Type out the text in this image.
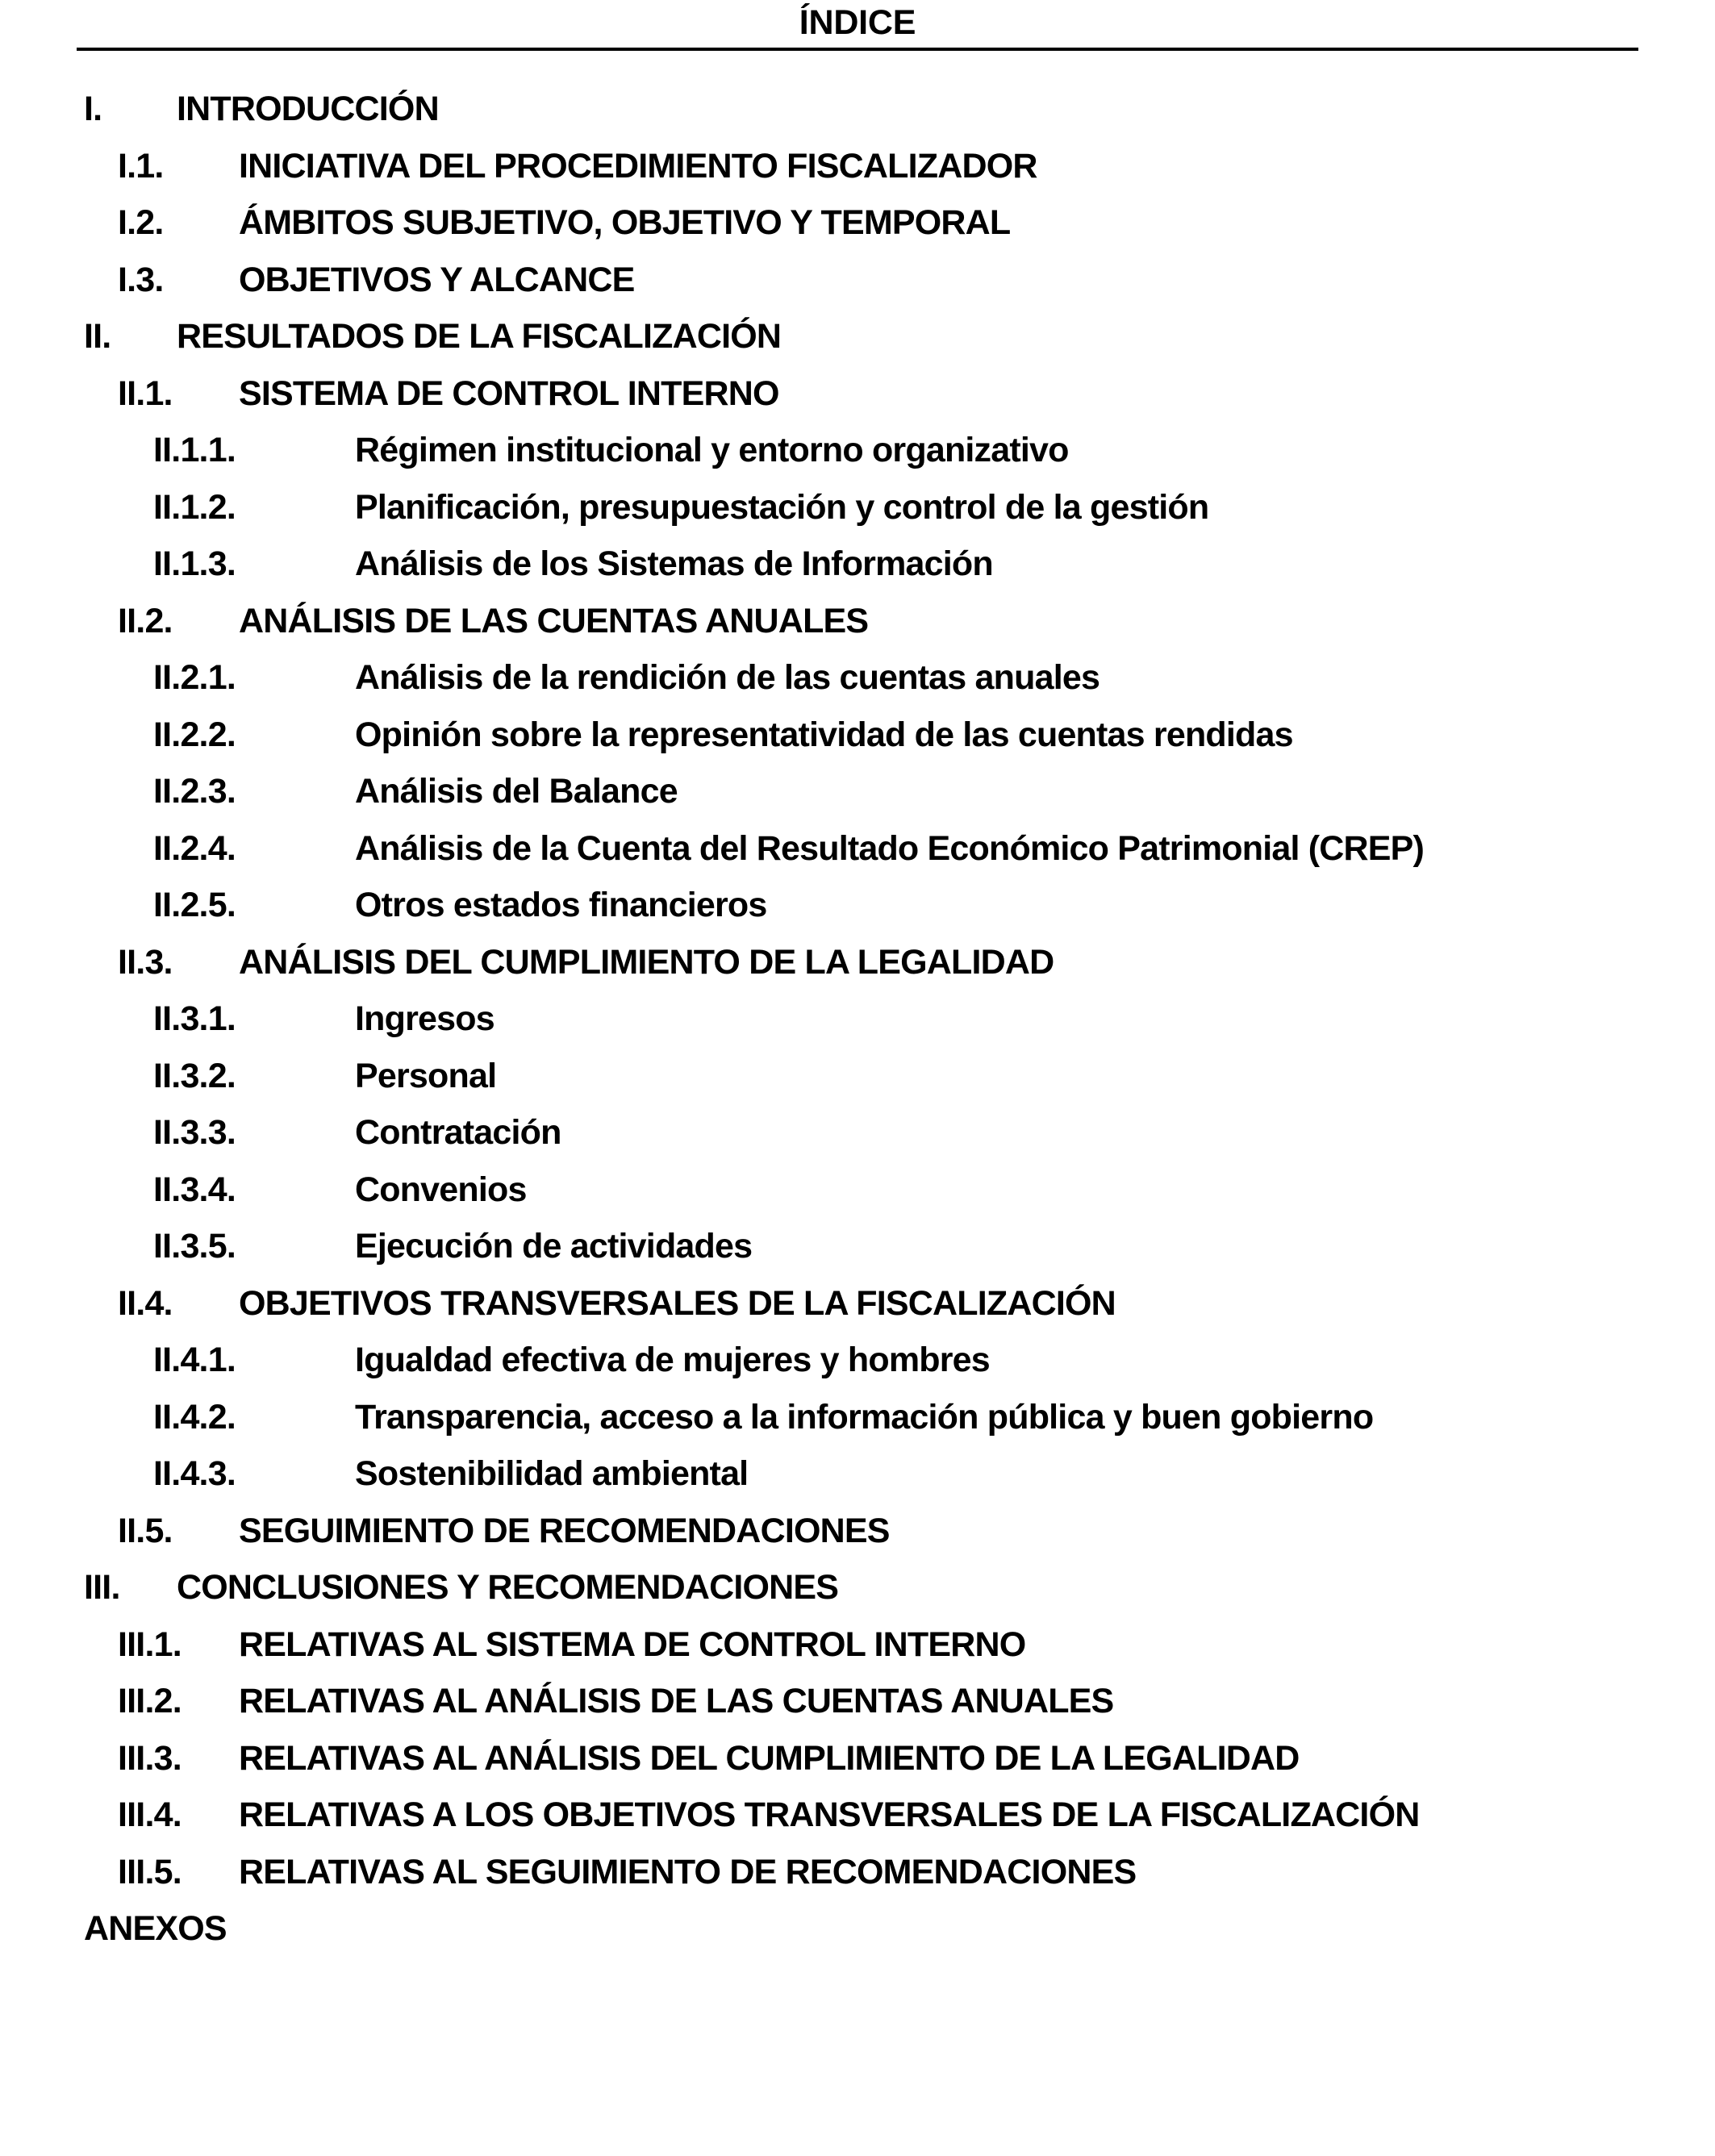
ÍNDICE
I. INTRODUCCIÓN
I.1. INICIATIVA DEL PROCEDIMIENTO FISCALIZADOR
I.2. ÁMBITOS SUBJETIVO, OBJETIVO Y TEMPORAL
I.3. OBJETIVOS Y ALCANCE
II. RESULTADOS DE LA FISCALIZACIÓN
II.1. SISTEMA DE CONTROL INTERNO
II.1.1.	Régimen institucional y entorno organizativo
II.1.2.	Planificación, presupuestación y control de la gestión
II.1.3.	Análisis de los Sistemas de Información
II.2. ANÁLISIS DE LAS CUENTAS ANUALES
II.2.1.	Análisis de la rendición de las cuentas anuales
II.2.2.	Opinión sobre la representatividad de las cuentas rendidas
II.2.3.	Análisis del Balance
II.2.4.	Análisis de la Cuenta del Resultado Económico Patrimonial (CREP)
II.2.5.	Otros estados financieros
II.3. ANÁLISIS DEL CUMPLIMIENTO DE LA LEGALIDAD
II.3.1.	Ingresos
II.3.2.	Personal
II.3.3.	Contratación
II.3.4.	Convenios
II.3.5.	Ejecución de actividades
II.4. OBJETIVOS TRANSVERSALES DE LA FISCALIZACIÓN
II.4.1.	Igualdad efectiva de mujeres y hombres
II.4.2.	Transparencia, acceso a la información pública y buen gobierno
II.4.3.	Sostenibilidad ambiental
II.5. SEGUIMIENTO DE RECOMENDACIONES
III. CONCLUSIONES Y RECOMENDACIONES
III.1. RELATIVAS AL SISTEMA DE CONTROL INTERNO
III.2. RELATIVAS AL ANÁLISIS DE LAS CUENTAS ANUALES
III.3. RELATIVAS AL ANÁLISIS DEL CUMPLIMIENTO DE LA LEGALIDAD
III.4. RELATIVAS A LOS OBJETIVOS TRANSVERSALES DE LA FISCALIZACIÓN
III.5. RELATIVAS AL SEGUIMIENTO DE RECOMENDACIONES
ANEXOS
